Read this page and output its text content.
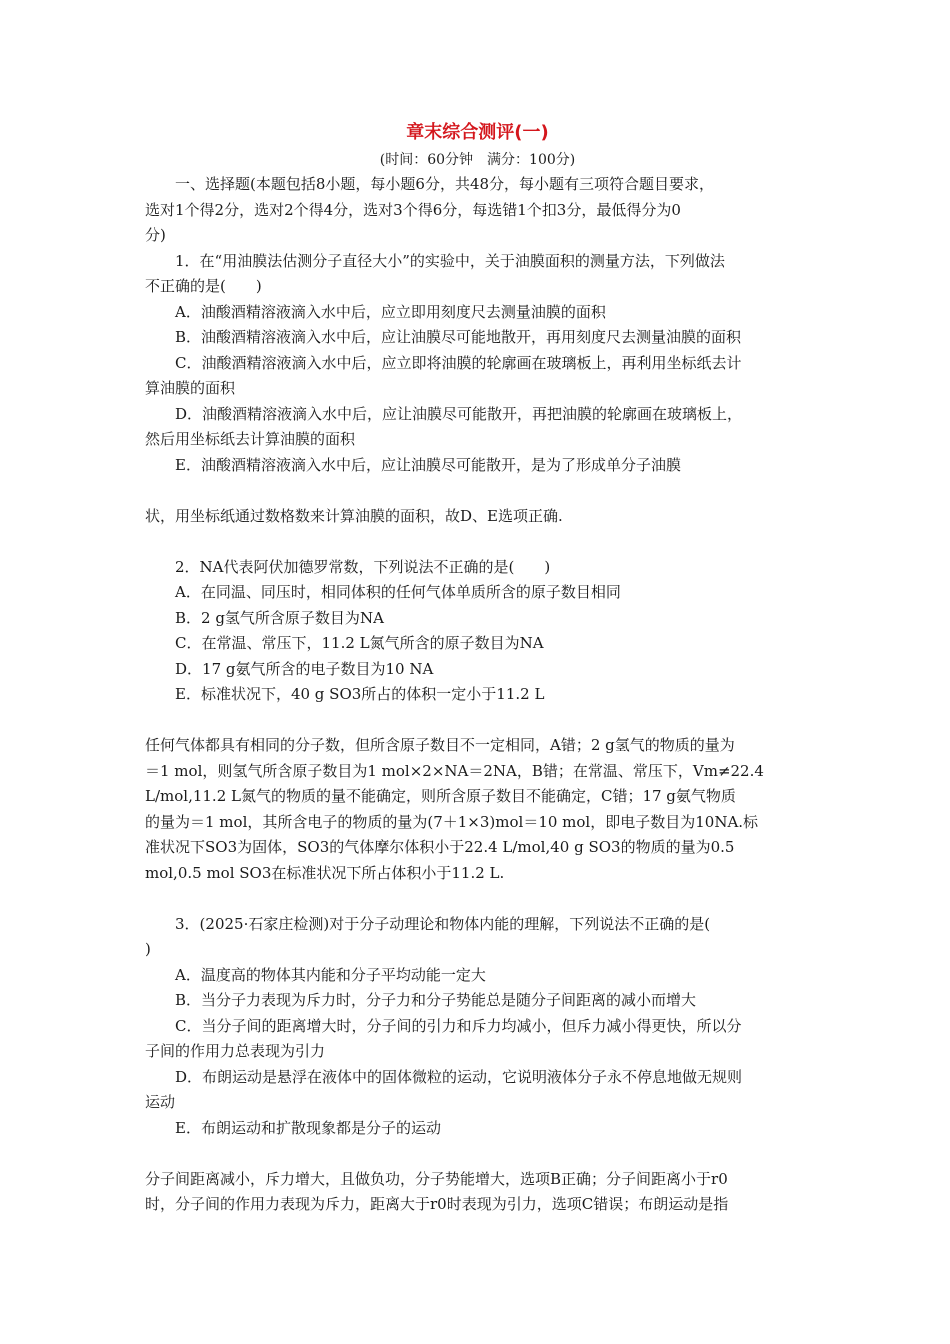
章末综合测评(一)
(时间：60分钟　满分：100分)
一、选择题(本题包括8小题，每小题6分，共48分，每小题有三项符合题目要求，
选对1个得2分，选对2个得4分，选对3个得6分，每选错1个扣3分，最低得分为0
分)
1．在“用油膜法估测分子直径大小”的实验中，关于油膜面积的测量方法，下列做法
不正确的是(　　)
A．油酸酒精溶液滴入水中后，应立即用刻度尺去测量油膜的面积
B．油酸酒精溶液滴入水中后，应让油膜尽可能地散开，再用刻度尺去测量油膜的面积
C．油酸酒精溶液滴入水中后，应立即将油膜的轮廓画在玻璃板上，再利用坐标纸去计
算油膜的面积
D．油酸酒精溶液滴入水中后，应让油膜尽可能散开，再把油膜的轮廓画在玻璃板上，
然后用坐标纸去计算油膜的面积
E．油酸酒精溶液滴入水中后，应让油膜尽可能散开，是为了形成单分子油膜

状，用坐标纸通过数格数来计算油膜的面积，故D、E选项正确.

2．NA代表阿伏加德罗常数，下列说法不正确的是(　　)
A．在同温、同压时，相同体积的任何气体单质所含的原子数目相同
B．2 g氢气所含原子数目为NA
C．在常温、常压下，11.2 L氮气所含的原子数目为NA
D．17 g氨气所含的电子数目为10 NA
E．标准状况下，40 g SO3所占的体积一定小于11.2 L

任何气体都具有相同的分子数，但所含原子数目不一定相同，A错；2 g氢气的物质的量为
＝1 mol，则氢气所含原子数目为1 mol×2×NA＝2NA，B错；在常温、常压下，Vm≠22.4
L/mol,11.2 L氮气的物质的量不能确定，则所含原子数目不能确定，C错；17 g氨气物质
的量为＝1 mol，其所含电子的物质的量为(7＋1×3)mol＝10 mol，即电子数目为10NA.标
准状况下SO3为固体，SO3的气体摩尔体积小于22.4 L/mol,40 g SO3的物质的量为0.5
mol,0.5 mol SO3在标准状况下所占体积小于11.2 L.

3．(2025·石家庄检测)对于分子动理论和物体内能的理解，下列说法不正确的是(
)
A．温度高的物体其内能和分子平均动能一定大
B．当分子力表现为斥力时，分子力和分子势能总是随分子间距离的减小而增大
C．当分子间的距离增大时，分子间的引力和斥力均减小，但斥力减小得更快，所以分
子间的作用力总表现为引力
D．布朗运动是悬浮在液体中的固体微粒的运动，它说明液体分子永不停息地做无规则
运动
E．布朗运动和扩散现象都是分子的运动

分子间距离减小，斥力增大，且做负功，分子势能增大，选项B正确；分子间距离小于r0
时，分子间的作用力表现为斥力，距离大于r0时表现为引力，选项C错误；布朗运动是指
